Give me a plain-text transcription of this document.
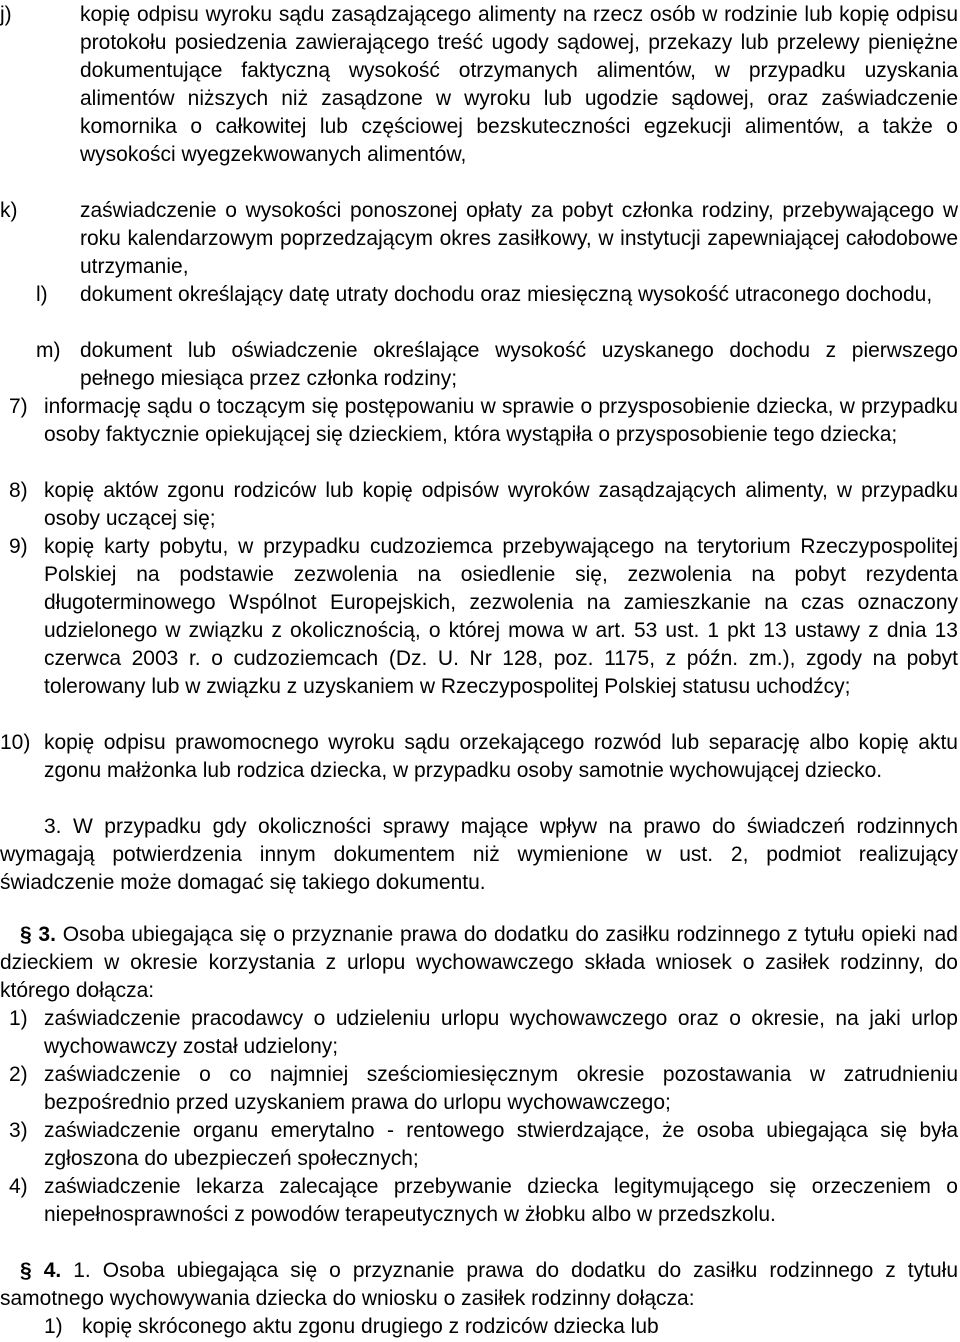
j)	kopię odpisu wyroku sądu zasądzającego alimenty na rzecz osób w rodzinie lub kopię odpisu protokołu posiedzenia zawierającego treść ugody sądowej, przekazy lub przelewy pieniężne dokumentujące faktyczną wysokość otrzymanych alimentów, w przypadku uzyskania alimentów niższych niż zasądzone w wyroku lub ugodzie sądowej, oraz zaświadczenie komornika o całkowitej lub częściowej bezskuteczności egzekucji alimentów, a także o wysokości wyegzekwowanych alimentów,
k)	zaświadczenie o wysokości ponoszonej opłaty za pobyt członka rodziny, przebywającego w roku kalendarzowym poprzedzającym okres zasiłkowy, w instytucji zapewniającej całodobowe utrzymanie,
l) dokument określający datę utraty dochodu oraz miesięczną wysokość utraconego dochodu,
m) dokument lub oświadczenie określające wysokość uzyskanego dochodu z pierwszego pełnego miesiąca przez członka rodziny;
7) informację sądu o toczącym się postępowaniu w sprawie o przysposobienie dziecka, w przypadku osoby faktycznie opiekującej się dzieckiem, która wystąpiła o przysposobienie tego dziecka;
8) kopię aktów zgonu rodziców lub kopię odpisów wyroków zasądzających alimenty, w przypadku osoby uczącej się;
9) kopię karty pobytu, w przypadku cudzoziemca przebywającego na terytorium Rzeczypospolitej Polskiej na podstawie zezwolenia na osiedlenie się, zezwolenia na pobyt rezydenta długoterminowego Wspólnot Europejskich, zezwolenia na zamieszkanie na czas oznaczony udzielonego w związku z okolicznością, o której mowa w art. 53 ust. 1 pkt 13 ustawy z dnia 13 czerwca 2003 r. o cudzoziemcach (Dz. U. Nr 128, poz. 1175, z późn. zm.), zgody na pobyt tolerowany lub w związku z uzyskaniem w Rzeczypospolitej Polskiej statusu uchodźcy;
10) kopię odpisu prawomocnego wyroku sądu orzekającego rozwód lub separację albo kopię aktu zgonu małżonka lub rodzica dziecka, w przypadku osoby samotnie wychowującej dziecko.
3. W przypadku gdy okoliczności sprawy mające wpływ na prawo do świadczeń rodzinnych wymagają potwierdzenia innym dokumentem niż wymienione w ust. 2, podmiot realizujący świadczenie może domagać się takiego dokumentu.
§ 3. Osoba ubiegająca się o przyznanie prawa do dodatku do zasiłku rodzinnego z tytułu opieki nad dzieckiem w okresie korzystania z urlopu wychowawczego składa wniosek o zasiłek rodzinny, do którego dołącza:
1) zaświadczenie pracodawcy o udzieleniu urlopu wychowawczego oraz o okresie, na jaki urlop wychowawczy został udzielony;
2) zaświadczenie o co najmniej sześciomiesięcznym okresie pozostawania w zatrudnieniu bezpośrednio przed uzyskaniem prawa do urlopu wychowawczego;
3) zaświadczenie organu emerytalno - rentowego stwierdzające, że osoba ubiegająca się była zgłoszona do ubezpieczeń społecznych;
4) zaświadczenie lekarza zalecające przebywanie dziecka legitymującego się orzeczeniem o niepełnosprawności z powodów terapeutycznych w żłobku albo w przedszkolu.
§ 4. 1. Osoba ubiegająca się o przyznanie prawa do dodatku do zasiłku rodzinnego z tytułu samotnego wychowywania dziecka do wniosku o zasiłek rodzinny dołącza:
1) kopię skróconego aktu zgonu drugiego z rodziców dziecka lub
